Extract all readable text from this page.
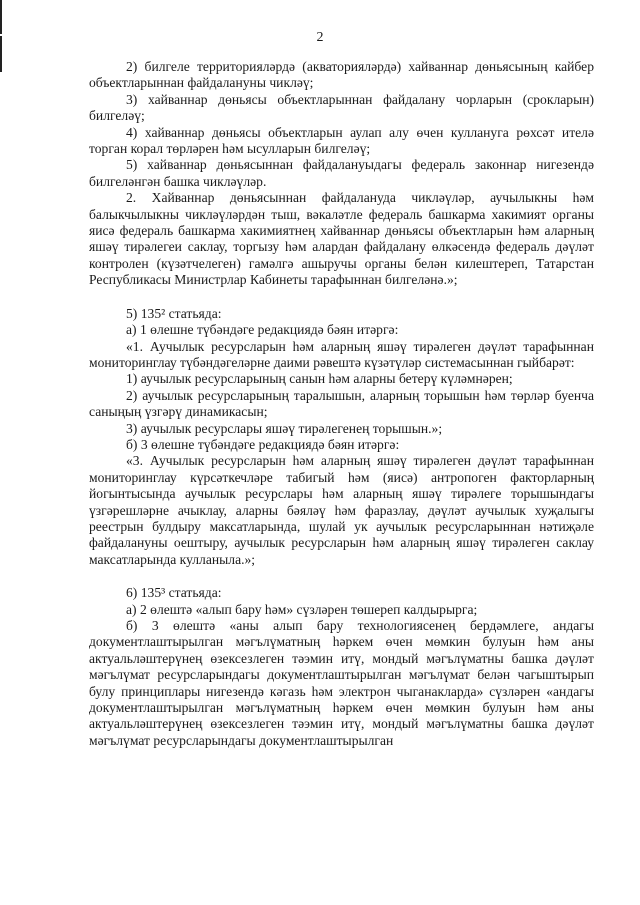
2

2) билгеле территорияләрдә (акваторияләрдә) хайваннар дөньясының кайбер объектларыннан файдалануны чикләү;

3) хайваннар дөньясы объектларыннан файдалану чорларын (срокларын) билгеләү;

4) хайваннар дөньясы объектларын аулап алу өчен кулланугa рөхсәт ителә торган корал төрләрен һәм ысулларын билгеләү;

5) хайваннар дөньясыннан файдалануыдагы федераль законнар нигезендә билгеләнгән башка чикләүләр.

2. Хайваннар дөньясыннан файдалануда чикләүләр, аучылыкны һәм балыкчылыкны чикләүләрдән тыш, вәкаләтле федераль башкарма хакимият органы яисә федераль башкарма хакимиятнең хайваннар дөньясы объектларын һәм аларның яшәү тирәлегеи саклау, торгызу һәм алардан файдалану өлкәсендә федераль дәүләт контролен (күзәтчелеген) гамәлгә ашыручы органы белән килештереп, Татарстан Республикасы Министрлар Кабинеты тарафыннан билгеләнә.»;

5) 135² статьяда:

а) 1 өлешне түбәндәге редакциядә бәян итәргә:

«1. Аучылык ресурсларын һәм аларның яшәү тирәлеген дәүләт тарафыннан мониторинглау түбәндәгеләрне даими рәвештә күзәтүләр системасыннан гыйбарәт:

1) аучылык ресурсларының санын һәм аларны бетерү күләмнәрен;

2) аучылык ресурсларының таралышын, аларның торышын һәм төрләр буенча саныңың үзгәрү динамикасын;

3) аучылык ресурслары яшәү тирәлегенең торышын.»;

б) 3 өлешне түбәндәге редакциядә бәян итәргә:

«3. Аучылык ресурсларын һәм аларның яшәү тирәлеген дәүләт тарафыннан мониторинглау күрсәткечләре табигый һәм (яисә) антропоген факторларның йогынтысында аучылык ресурслары һәм аларның яшәү тирәлеге торышындагы үзгәрешләрне ачыклау, аларны бәяләү һәм фаразлау, дәүләт аучылык хуҗалыгы реестрын булдыру максатларында, шулай ук аучылык ресурсларыннан нәтиҗәле файдалануны оештыру, аучылык ресурсларын һәм аларның яшәү тирәлеген саклау максатларында кулланыла.»;

6) 135³ статьяда:

а) 2 өлештә «алып бару һәм» сүзләрен төшереп калдырырга;

б) 3 өлештә «аны алып бару технологиясенең бердәмлеге, андагы документлаштырылган мәгълүматның һәркем өчен мөмкин булуын һәм аны актуальләштерүнең өзексезлеген тәэмин итү, мондый мәгълүматны башка дәүләт мәгълүмат ресурсларындагы документлаштырылган мәгълүмат белән чагыштырып булу принциплары нигезендә кәгазь һәм электрон чыганакларда» сүзләрен «андагы документлаштырылган мәгълүматның һәркем өчен мөмкин булуын һәм аны актуальләштерүнең өзексезлеген тәэмин итү, мондый мәгълүматны башка дәүләт мәгълүмат ресурсларындагы документлаштырылган
